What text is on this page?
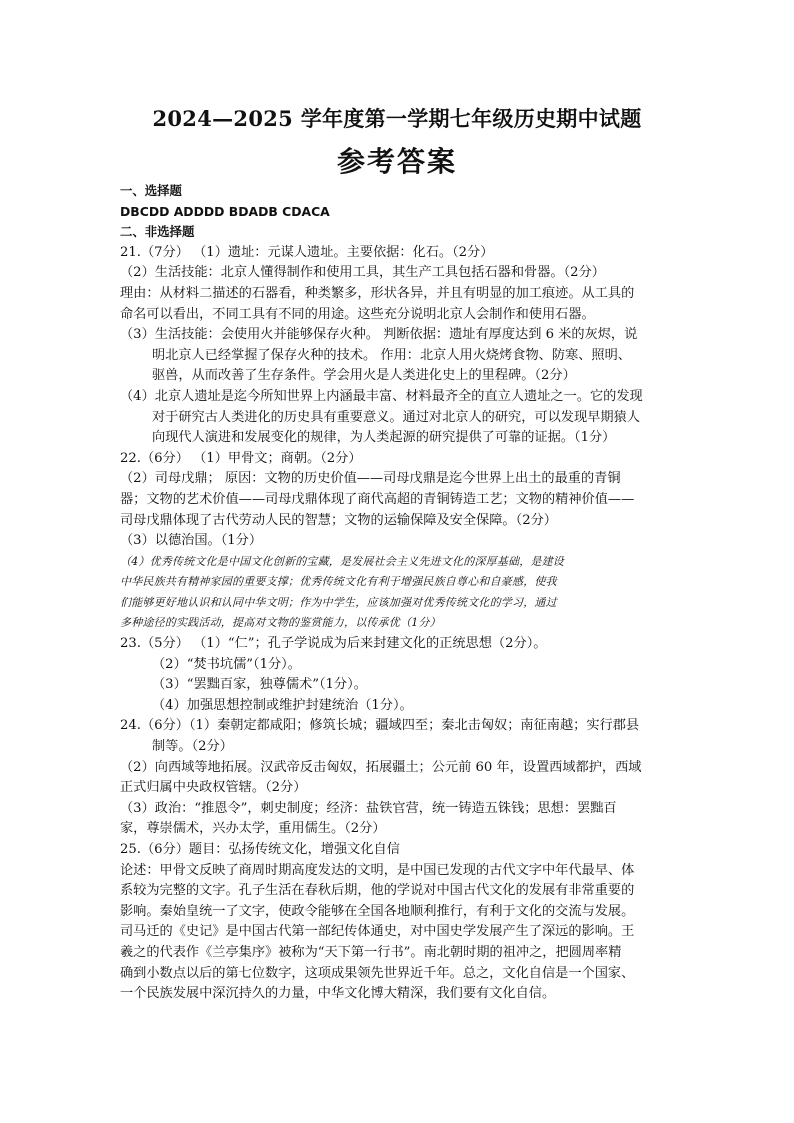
2024—2025 学年度第一学期七年级历史期中试题
参考答案
一、选择题
DBCDD ADDDD BDADB CDACA
二、非选择题
21.（7分） （1）遗址：元谋人遗址。主要依据：化石。（2分）
（2）生活技能：北京人懂得制作和使用工具，其生产工具包括石器和骨器。（2分）
理由：从材料二描述的石器看，种类繁多，形状各异，并且有明显的加工痕迹。从工具的
命名可以看出，不同工具有不同的用途。这些充分说明北京人会制作和使用石器。
（3）生活技能：会使用火并能够保存火种。 判断依据：遗址有厚度达到 6 米的灰烬，说
明北京人已经掌握了保存火种的技术。 作用：北京人用火烧烤食物、防寒、照明、
驱兽，从而改善了生存条件。学会用火是人类进化史上的里程碑。（2分）
（4）北京人遗址是迄今所知世界上内涵最丰富、材料最齐全的直立人遗址之一。它的发现
对于研究古人类进化的历史具有重要意义。通过对北京人的研究，可以发现早期猿人
向现代人演进和发展变化的规律，为人类起源的研究提供了可靠的证据。（1分）
22.（6分） （1）甲骨文；商朝。（2分）
（2）司母戊鼎； 原因：文物的历史价值——司母戊鼎是迄今世界上出土的最重的青铜
器；文物的艺术价值——司母戊鼎体现了商代高超的青铜铸造工艺；文物的精神价值——
司母戊鼎体现了古代劳动人民的智慧；文物的运输保障及安全保障。（2分）
（3）以德治国。（1分）
（4）优秀传统文化是中国文化创新的宝藏，是发展社会主义先进文化的深厚基础，是建设
中华民族共有精神家园的重要支撑；优秀传统文化有利于增强民族自尊心和自豪感，使我
们能够更好地认识和认同中华文明；作为中学生，应该加强对优秀传统文化的学习，通过
多种途径的实践活动，提高对文物的鉴赏能力，以传承优（1分）
23.（5分） （1）“仁”；孔子学说成为后来封建文化的正统思想（2分）。
（2）“焚书坑儒”（1分）。
（3）“罢黜百家，独尊儒术”（1分）。
（4）加强思想控制或维护封建统治（1分）。
24.（6分）（1）秦朝定都咸阳；修筑长城；疆域四至；秦北击匈奴；南征南越；实行郡县
制等。（2分）
（2）向西域等地拓展。汉武帝反击匈奴，拓展疆土；公元前 60 年，设置西域都护，西域
正式归属中央政权管辖。（2分）
（3）政治：“推恩令”，刺史制度；经济：盐铁官营，统一铸造五铢钱；思想：罢黜百
家，尊崇儒术，兴办太学，重用儒生。（2分）
25.（6分）题目：弘扬传统文化，增强文化自信
论述：甲骨文反映了商周时期高度发达的文明，是中国已发现的古代文字中年代最早、体
系较为完整的文字。孔子生活在春秋后期，他的学说对中国古代文化的发展有非常重要的
影响。秦始皇统一了文字，使政令能够在全国各地顺利推行，有利于文化的交流与发展。
司马迁的《史记》是中国古代第一部纪传体通史，对中国史学发展产生了深远的影响。王
羲之的代表作《兰亭集序》被称为“天下第一行书”。南北朝时期的祖冲之，把圆周率精
确到小数点以后的第七位数字，这项成果领先世界近千年。总之，文化自信是一个国家、
一个民族发展中深沉持久的力量，中华文化博大精深，我们要有文化自信。
